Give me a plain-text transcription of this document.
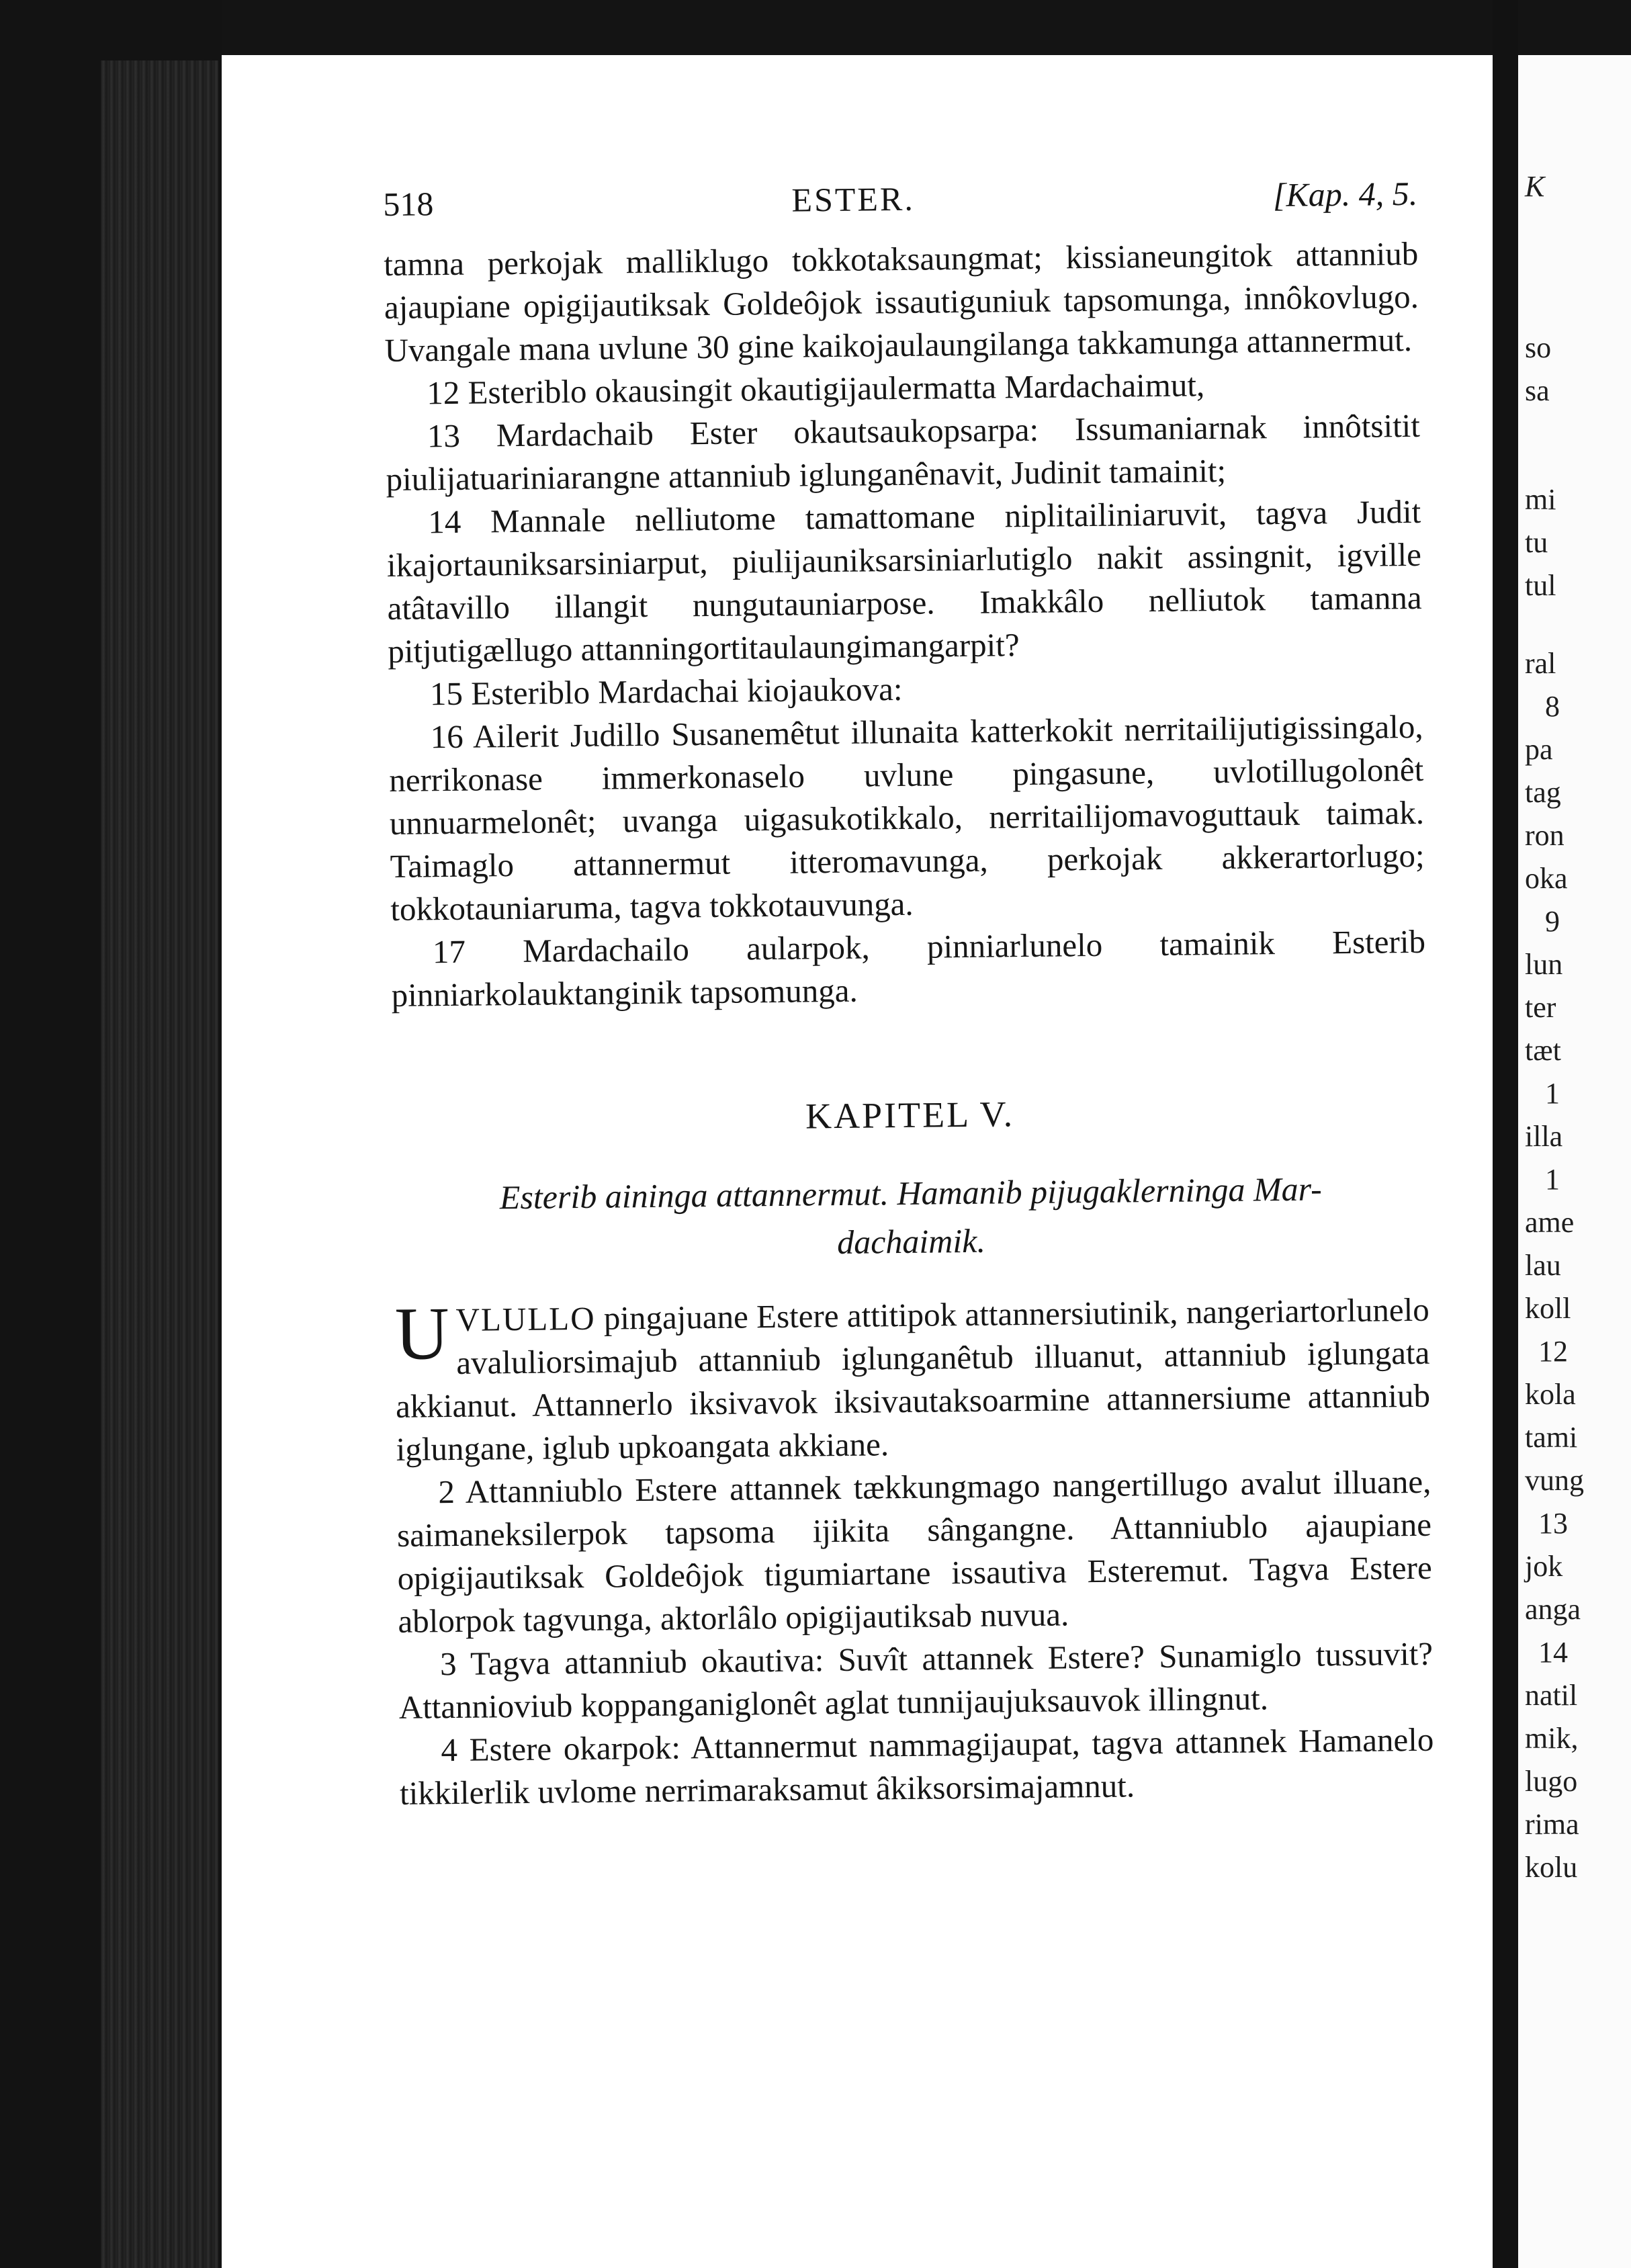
K
so
sa
mi
tu
tul
ral
8
pa
tag
ron
oka
9
lun
ter
tæt
1
illa
1
ame
lau
koll
12
kola
tami
vung
13
jok
anga
14
natil
mik,
lugo
rima
kolu
518	ESTER.	[Kap. 4, 5.

tamna perkojak malliklugo tokkotaksaungmat; kissianeungitok attanniub ajaupiane opigijautiksak Goldeôjok issautiguniuk tapsomunga, innôkovlugo. Uvangale mana uvlune 30 gine kaikojaulaungilanga takkamunga attannermut.

12 Esteriblo okausingit okautigijaulermatta Mardachaimut,

13 Mardachaib Ester okautsaukopsarpa: Issumaniarnak innôtsitit piulijatuariniarangne attanniub iglunganênavit, Judinit tamainit;

14 Mannale nelliutome tamattomane niplitailiniaruvit, tagva Judit ikajortauniksarsiniarput, piulijauniksarsiniarlutiglo nakit assingnit, igville atâtavillo illangit nungutauniarpose. Imakkâlo nelliutok tamanna pitjutigællugo attanningortitaulaungimangarpit?

15 Esteriblo Mardachai kiojaukova:

16 Ailerit Judillo Susanemêtut illunaita katterkokit nerritailijutigissingalo, nerrikonase immerkonaselo uvlune pingasune, uvlotillugolonêt unnuarmelonêt; uvanga uigasukotikkalo, nerritailijomavoguttauk taimak. Taimaglo attannermut itteromavunga, perkojak akkerartorlugo; tokkotauniaruma, tagva tokkotauvunga.

17 Mardachailo aularpok, pinniarlunelo tamainik Esterib pinniarkolauktanginik tapsomunga.

KAPITEL V.
Esterib aininga attannermut. Hamanib pijugaklerninga Mar-
dachaimik.

UVLULLO pingajuane Estere attitipok attannersiutinik, nangeriartorlunelo avaluliorsimajub attanniub iglunganêtub illuanut, attanniub iglungata akkianut. Attannerlo iksivavok iksivautaksoarmine attannersiume attanniub iglungane, iglub upkoangata akkiane.

2 Attanniublo Estere attannek tækkungmago nangertillugo avalut illuane, saimaneksilerpok tapsoma ijikita sângangne. Attanniublo ajaupiane opigijautiksak Goldeôjok tigumiartane issautiva Esteremut. Tagva Estere ablorpok tagvunga, aktorlâlo opigijautiksab nuvua.

3 Tagva attanniub okautiva: Suvît attannek Estere? Sunamiglo tussuvit? Attannioviub koppanganiglonêt aglat tunnijaujuksauvok illingnut.

4 Estere okarpok: Attannermut nammagijaupat, tagva attannek Hamanelo tikkilerlik uvlome nerrimaraksamut âkiksorsimajamnut.
